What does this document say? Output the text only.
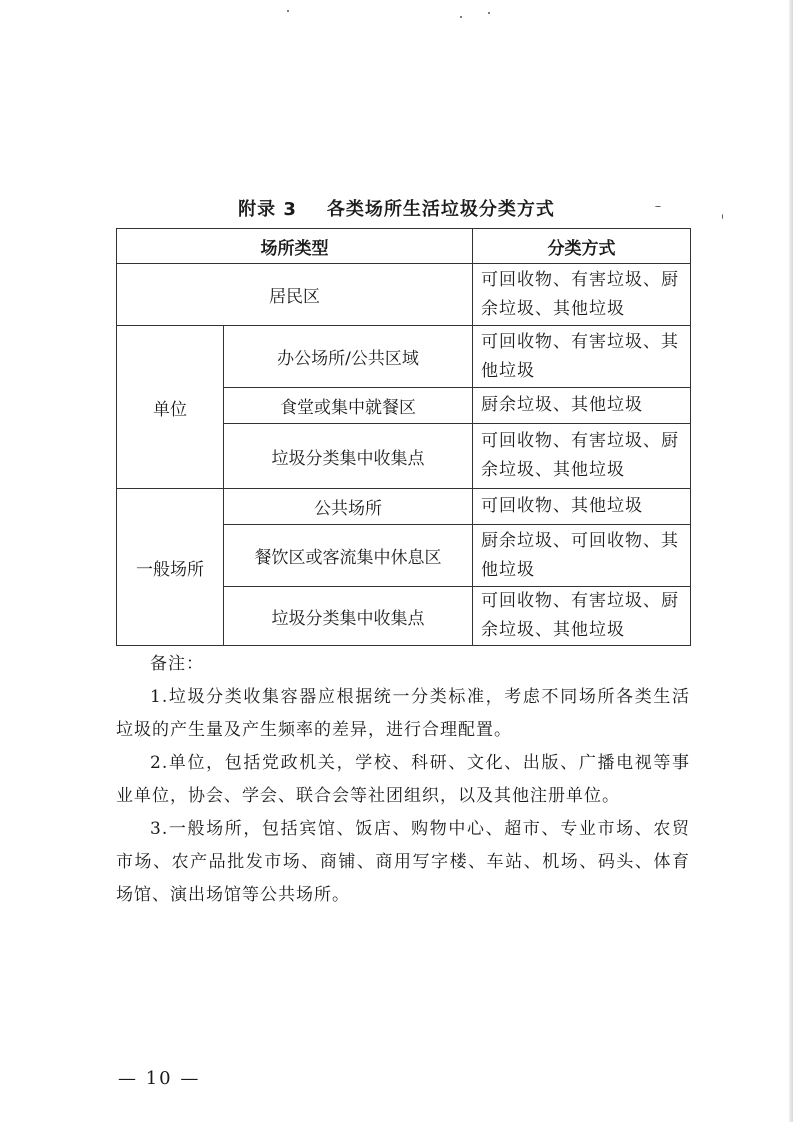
附录 3 各类场所生活垃圾分类方式
场所类型		分类方式
居民区		可回收物、有害垃圾、厨余垃圾、其他垃圾
单位	办公场所/公共区域	可回收物、有害垃圾、其他垃圾
	食堂或集中就餐区	厨余垃圾、其他垃圾
	垃圾分类集中收集点	可回收物、有害垃圾、厨余垃圾、其他垃圾
一般场所	公共场所	可回收物、其他垃圾
	餐饮区或客流集中休息区	厨余垃圾、可回收物、其他垃圾
	垃圾分类集中收集点	可回收物、有害垃圾、厨余垃圾、其他垃圾

备注：

1.垃圾分类收集容器应根据统一分类标准，考虑不同场所各类生活垃圾的产生量及产生频率的差异，进行合理配置。

2.单位，包括党政机关，学校、科研、文化、出版、广播电视等事业单位，协会、学会、联合会等社团组织，以及其他注册单位。

3.一般场所，包括宾馆、饭店、购物中心、超市、专业市场、农贸市场、农产品批发市场、商铺、商用写字楼、车站、机场、码头、体育场馆、演出场馆等公共场所。

— 10 —
